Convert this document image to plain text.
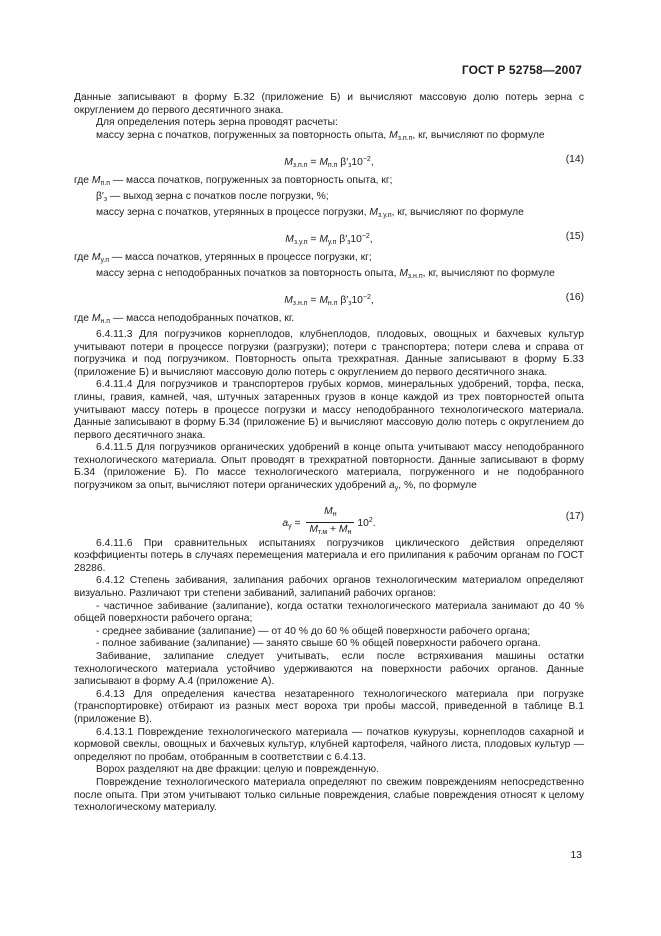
ГОСТ Р 52758—2007

Данные записывают в форму Б.32 (приложение Б) и вычисляют массовую долю потерь зерна с округлением до первого десятичного знака.

Для определения потерь зерна проводят расчеты:

массу зерна с початков, погруженных за повторность опыта, $M_{з.п.п}$, кг, вычисляют по формуле

$M_{з.п.п} = M_{п.п}$ $\beta'_з10^{-2}$,	(14)

где $M_{п.п}$ — масса початков, погруженных за повторность опыта, кг;

$\beta'_з$ — выход зерна с початков после погрузки, %;

массу зерна с початков, утерянных в процессе погрузки, $M_{з.у.п}$, кг, вычисляют по формуле

$M_{з.у.п} = M_{у.п}$ $\beta'_з10^{-2}$,	(15)

где $M_{у.п}$ — масса початков, утерянных в процессе погрузки, кг;

массу зерна с неподобранных початков за повторность опыта, $M_{з.н.п}$, кг, вычисляют по формуле

$M_{з.н.п} = M_{н.п}$ $\beta'_з10^{-2}$,	(16)

где $M_{н.п}$ — масса неподобранных початков, кг.

6.4.11.3 Для погрузчиков корнеплодов, клубнеплодов, плодовых, овощных и бахчевых культур учитывают потери в процессе погрузки (разгрузки); потери с транспортера; потери слева и справа от погрузчика и под погрузчиком. Повторность опыта трехкратная. Данные записывают в форму Б.33 (приложение Б) и вычисляют массовую долю потерь с округлением до первого десятичного знака.

6.4.11.4 Для погрузчиков и транспортеров грубых кормов, минеральных удобрений, торфа, песка, глины, гравия, камней, чая, штучных затаренных грузов в конце каждой из трех повторностей опыта учитывают массу потерь в процессе погрузки и массу неподобранного технологического материала. Данные записывают в форму Б.34 (приложение Б) и вычисляют массовую долю потерь с округлением до первого десятичного знака.

6.4.11.5 Для погрузчиков органических удобрений в конце опыта учитывают массу неподобранного технологического материала. Опыт проводят в трехкратной повторности. Данные записывают в форму Б.34 (приложение Б). По массе технологического материала, погруженного и не подобранного погрузчиком за опыт, вычисляют потери органических удобрений $a_у$, %, по формуле

$a_у = \frac{M_н}{M_{т.м} + M_н} 10^2$.
(17)

6.4.11.6 При сравнительных испытаниях погрузчиков циклического действия определяют коэффициенты потерь в случаях перемещения материала и его прилипания к рабочим органам по ГОСТ 28286.

6.4.12 Степень забивания, залипания рабочих органов технологическим материалом определяют визуально. Различают три степени забиваний, залипаний рабочих органов:

- частичное забивание (залипание), когда остатки технологического материала занимают до 40 % общей поверхности рабочего органа;

- среднее забивание (залипание) — от 40 % до 60 % общей поверхности рабочего органа;

- полное забивание (залипание) — занято свыше 60 % общей поверхности рабочего органа.

Забивание, залипание следует учитывать, если после встряхивания машины остатки технологического материала устойчиво удерживаются на поверхности рабочих органов. Данные записывают в форму А.4 (приложение А).

6.4.13 Для определения качества незатаренного технологического материала при погрузке (транспортировке) отбирают из разных мест вороха три пробы массой, приведенной в таблице В.1 (приложение В).

6.4.13.1 Повреждение технологического материала — початков кукурузы, корнеплодов сахарной и кормовой свеклы, овощных и бахчевых культур, клубней картофеля, чайного листа, плодовых культур — определяют по пробам, отобранным в соответствии с 6.4.13.

Ворох разделяют на две фракции: целую и поврежденную.

Повреждение технологического материала определяют по свежим повреждениям непосредственно после опыта. При этом учитывают только сильные повреждения, слабые повреждения относят к целому технологическому материалу.

13
